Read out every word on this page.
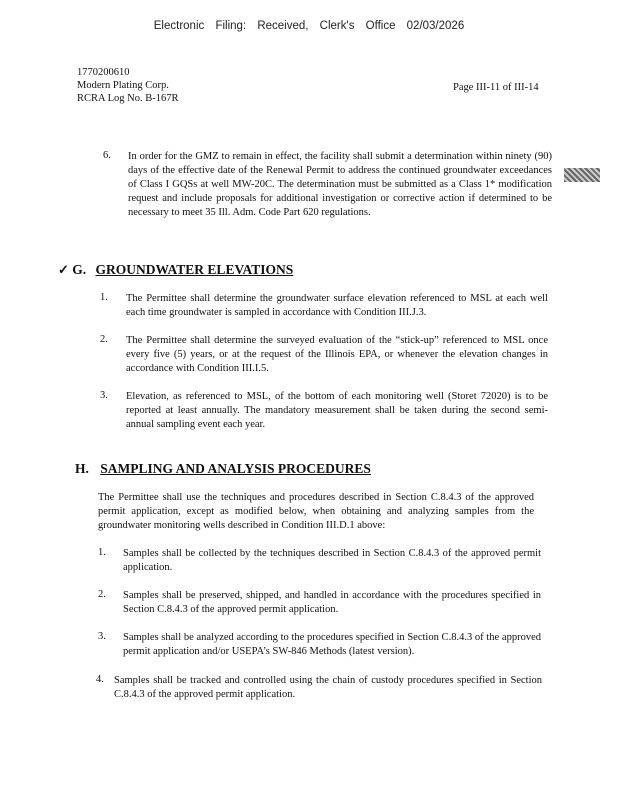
Electronic Filing: Received, Clerk's Office 02/03/2026
1770200610
Modern Plating Corp.
RCRA Log No. B-167R
Page III-11 of III-14
6. In order for the GMZ to remain in effect, the facility shall submit a determination within ninety (90) days of the effective date of the Renewal Permit to address the continued groundwater exceedances of Class I GQSs at well MW-20C. The determination must be submitted as a Class 1* modification request and include proposals for additional investigation or corrective action if determined to be necessary to meet 35 Ill. Adm. Code Part 620 regulations.
✓ G. GROUNDWATER ELEVATIONS
1. The Permittee shall determine the groundwater surface elevation referenced to MSL at each well each time groundwater is sampled in accordance with Condition III.J.3.
2. The Permittee shall determine the surveyed evaluation of the “stick-up” referenced to MSL once every five (5) years, or at the request of the Illinois EPA, or whenever the elevation changes in accordance with Condition III.I.5.
3. Elevation, as referenced to MSL, of the bottom of each monitoring well (Storet 72020) is to be reported at least annually. The mandatory measurement shall be taken during the second semi-annual sampling event each year.
H. SAMPLING AND ANALYSIS PROCEDURES
The Permittee shall use the techniques and procedures described in Section C.8.4.3 of the approved permit application, except as modified below, when obtaining and analyzing samples from the groundwater monitoring wells described in Condition III.D.1 above:
1. Samples shall be collected by the techniques described in Section C.8.4.3 of the approved permit application.
2. Samples shall be preserved, shipped, and handled in accordance with the procedures specified in Section C.8.4.3 of the approved permit application.
3. Samples shall be analyzed according to the procedures specified in Section C.8.4.3 of the approved permit application and/or USEPA’s SW-846 Methods (latest version).
4. Samples shall be tracked and controlled using the chain of custody procedures specified in Section C.8.4.3 of the approved permit application.
